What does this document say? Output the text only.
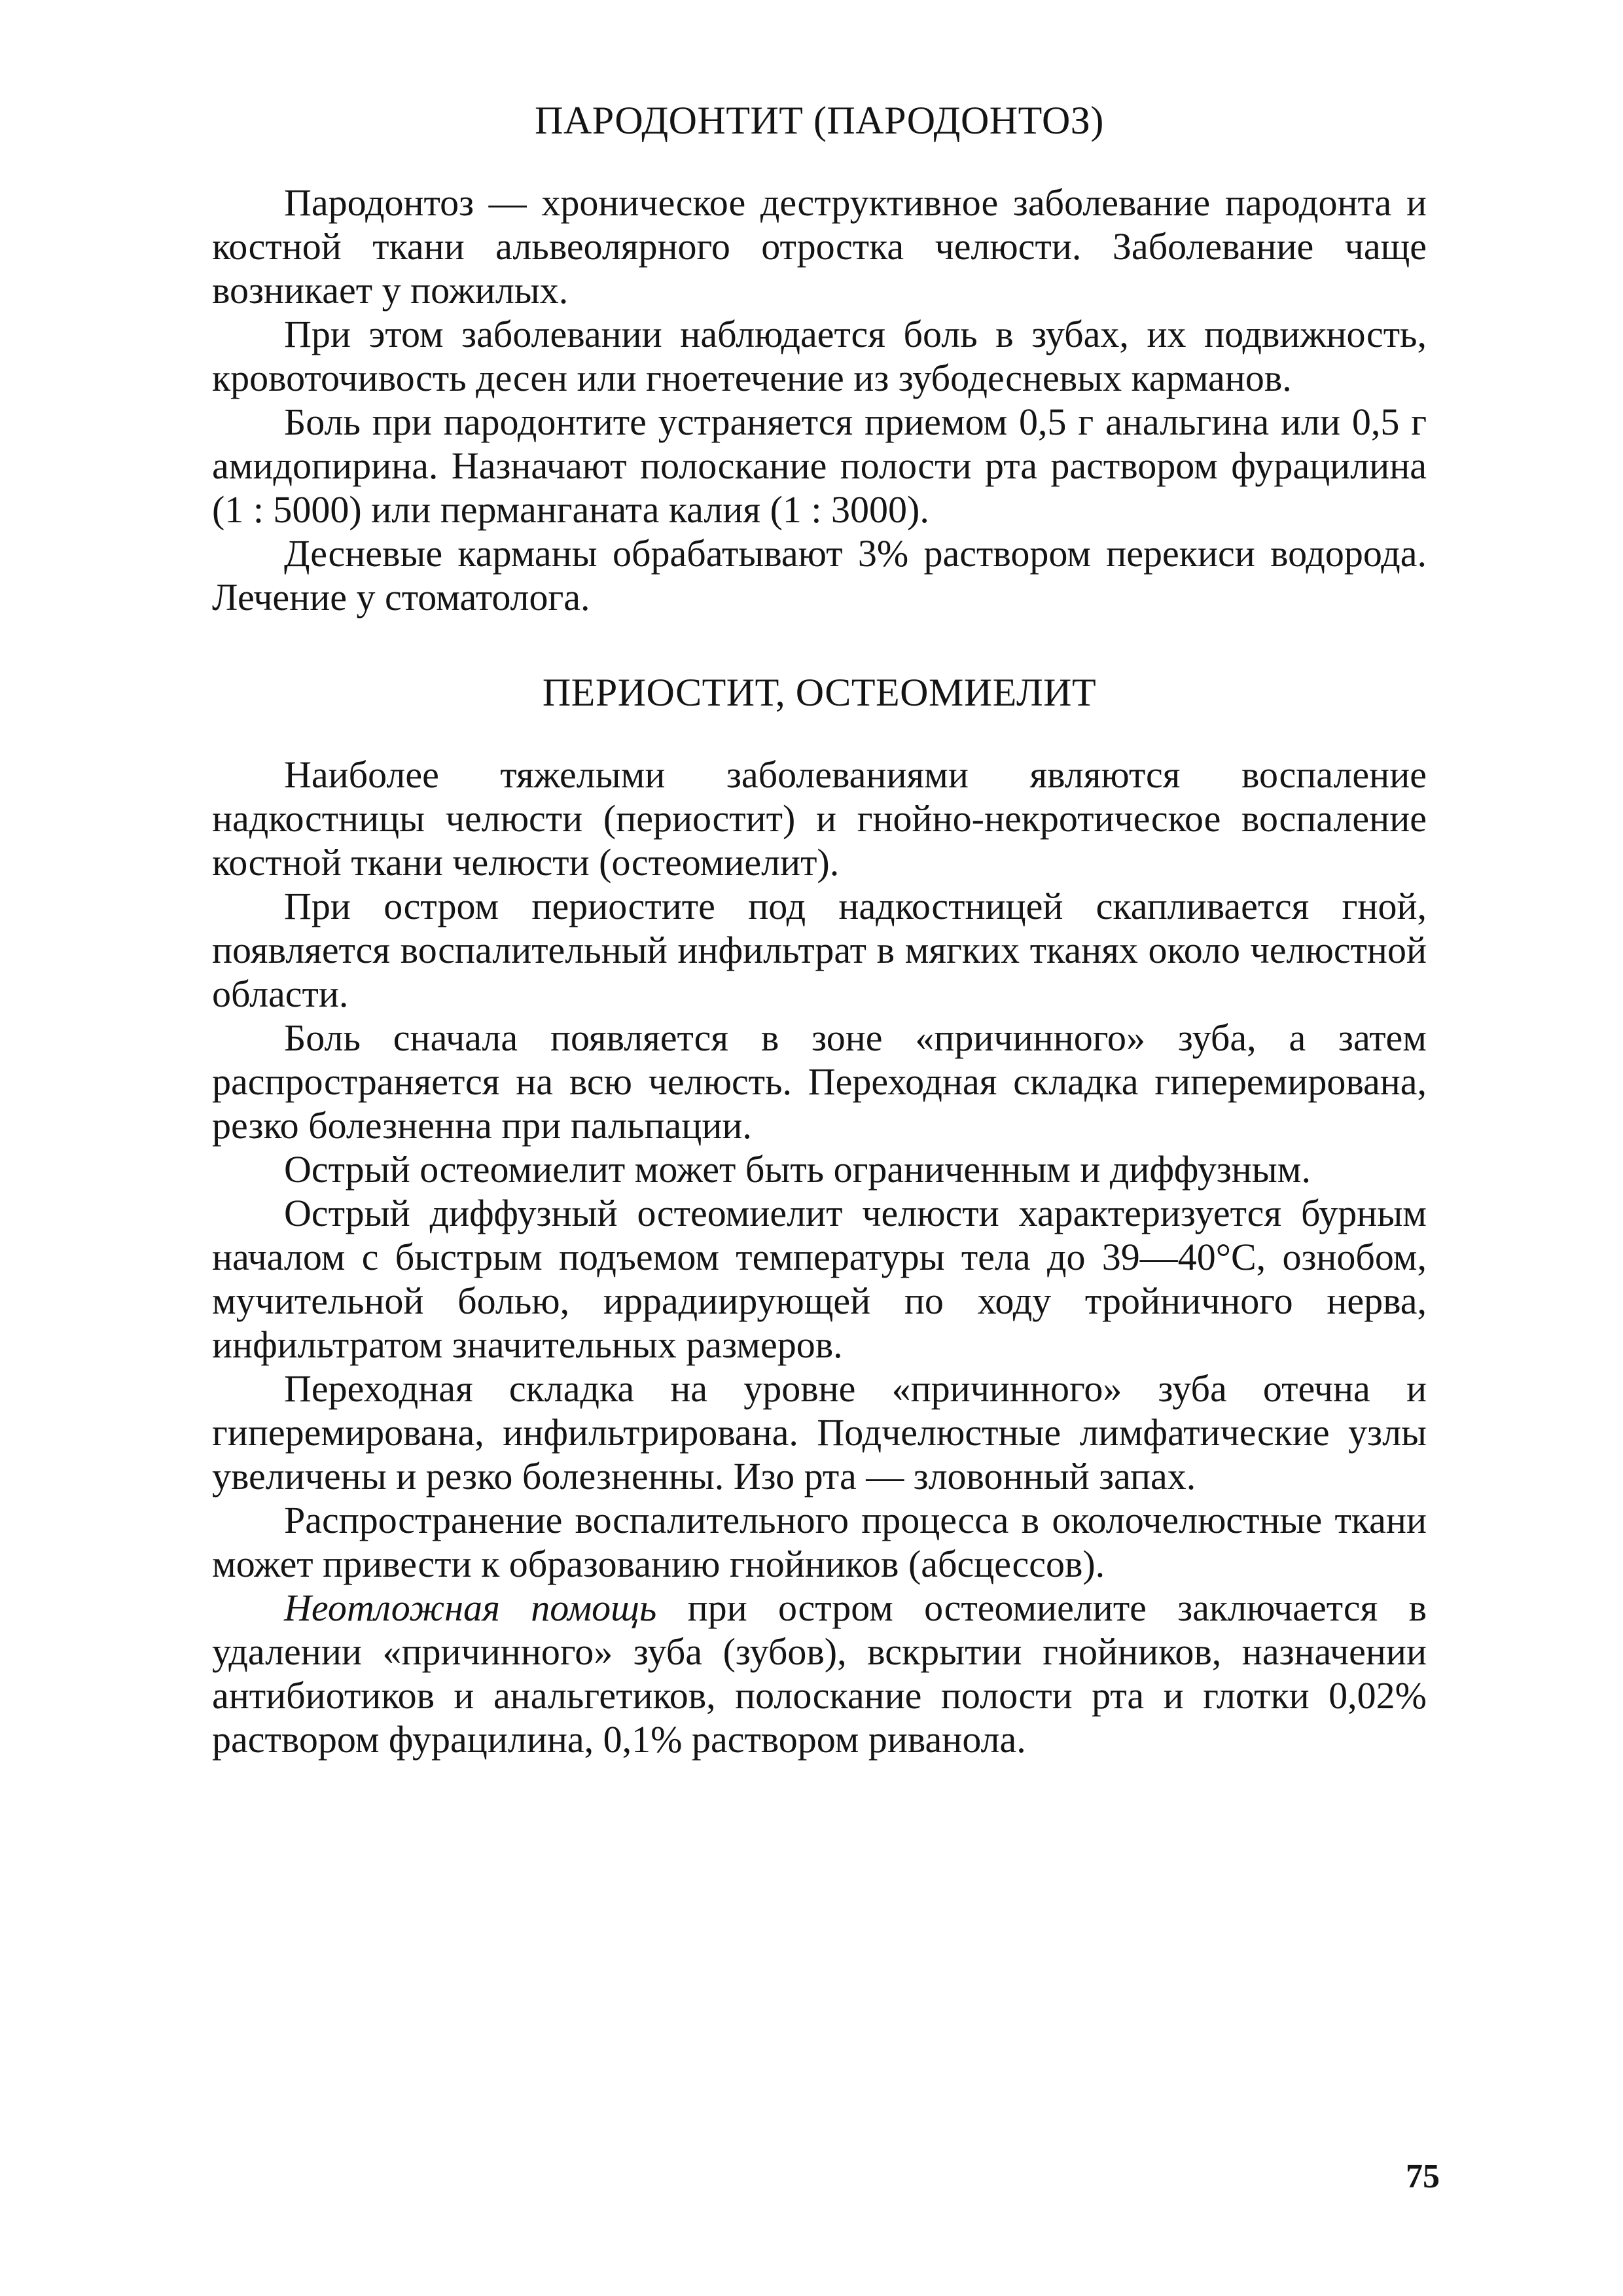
ПАРОДОНТИТ (ПАРОДОНТОЗ)

Пародонтоз — хроническое деструктивное заболевание пародонта и костной ткани альвеолярного отростка челюсти. Заболевание чаще возникает у пожилых.

При этом заболевании наблюдается боль в зубах, их подвижность, кровоточивость десен или гноетечение из зубодесневых карманов.

Боль при пародонтите устраняется приемом 0,5 г анальгина или 0,5 г амидопирина. Назначают полоскание полости рта раствором фурацилина (1 : 5000) или перманганата калия (1 : 3000).

Десневые карманы обрабатывают 3% раствором перекиси водорода. Лечение у стоматолога.

ПЕРИОСТИТ, ОСТЕОМИЕЛИТ

Наиболее тяжелыми заболеваниями являются воспаление надкостницы челюсти (периостит) и гнойно-некротическое воспаление костной ткани челюсти (остеомиелит).

При остром периостите под надкостницей скапливается гной, появляется воспалительный инфильтрат в мягких тканях около челюстной области.

Боль сначала появляется в зоне «причинного» зуба, а затем распространяется на всю челюсть. Переходная складка гиперемирована, резко болезненна при пальпации.

Острый остеомиелит может быть ограниченным и диффузным.

Острый диффузный остеомиелит челюсти характеризуется бурным началом с быстрым подъемом температуры тела до 39—40°С, ознобом, мучительной болью, иррадиирующей по ходу тройничного нерва, инфильтратом значительных размеров.

Переходная складка на уровне «причинного» зуба отечна и гиперемирована, инфильтрирована. Подчелюстные лимфатические узлы увеличены и резко болезненны. Изо рта — зловонный запах.

Распространение воспалительного процесса в околочелюстные ткани может привести к образованию гнойников (абсцессов).

Неотложная помощь при остром остеомиелите заключается в удалении «причинного» зуба (зубов), вскрытии гнойников, назначении антибиотиков и анальгетиков, полоскание полости рта и глотки 0,02% раствором фурацилина, 0,1% раствором риванола.

75
